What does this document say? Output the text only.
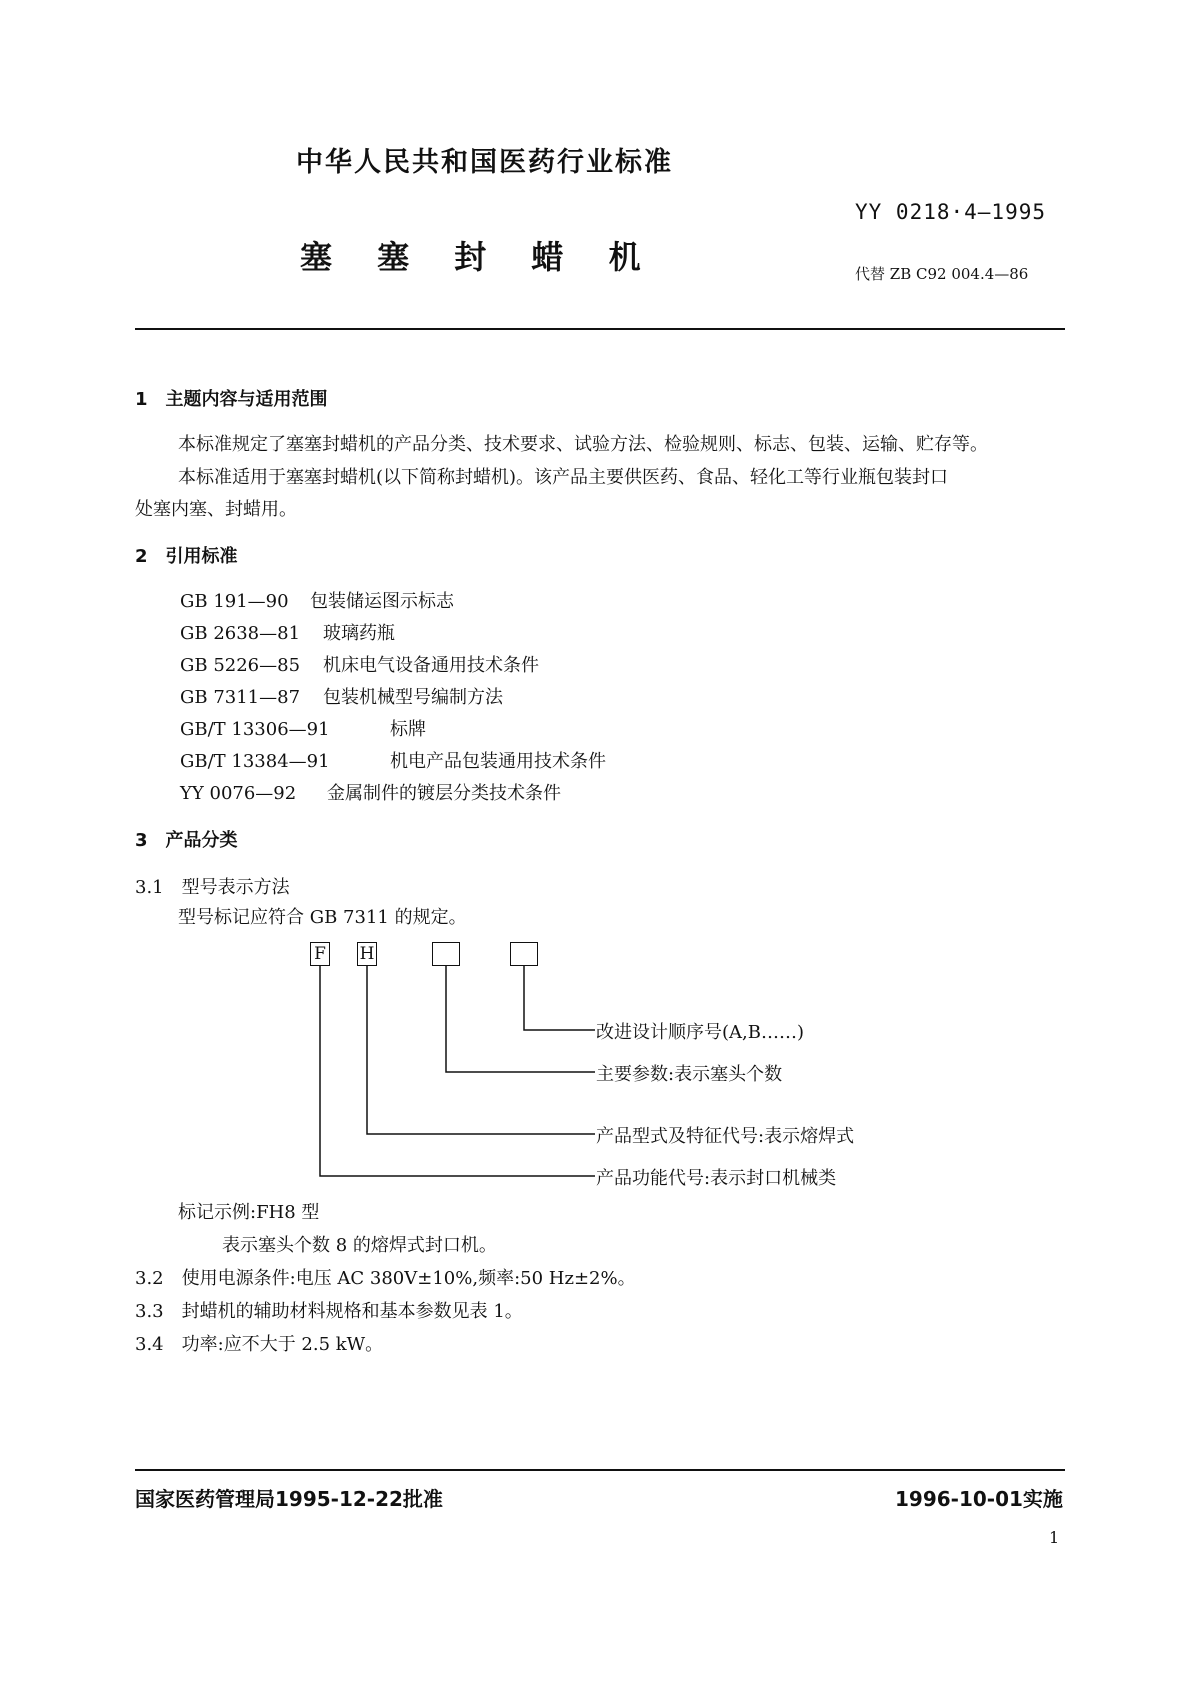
中华人民共和国医药行业标准
YY 0218·4—1995
塞 塞 封 蜡 机	代替 ZB C92 004.4—86
1　主题内容与适用范围
本标准规定了塞塞封蜡机的产品分类、技术要求、试验方法、检验规则、标志、包装、运输、贮存等。
本标准适用于塞塞封蜡机(以下简称封蜡机)。该产品主要供医药、食品、轻化工等行业瓶包装封口
处塞内塞、封蜡用。
2　引用标准
GB 191—90 包装储运图示标志
GB 2638—81 玻璃药瓶
GB 5226—85 机床电气设备通用技术条件
GB 7311—87 包装机械型号编制方法
GB/T 13306—91	标牌
GB/T 13384—91	机电产品包装通用技术条件
YY 0076—92 金属制件的镀层分类技术条件
3　产品分类
3.1　型号表示方法
型号标记应符合 GB 7311 的规定。
F H
改进设计顺序号(A,B……)
主要参数:表示塞头个数
产品型式及特征代号:表示熔焊式
产品功能代号:表示封口机械类
标记示例:FH8 型
表示塞头个数 8 的熔焊式封口机。
3.2　使用电源条件:电压 AC 380V±10%,频率:50 Hz±2%。
3.3　封蜡机的辅助材料规格和基本参数见表 1。
3.4　功率:应不大于 2.5 kW。
国家医药管理局1995-12-22批准	1996-10-01实施
1
